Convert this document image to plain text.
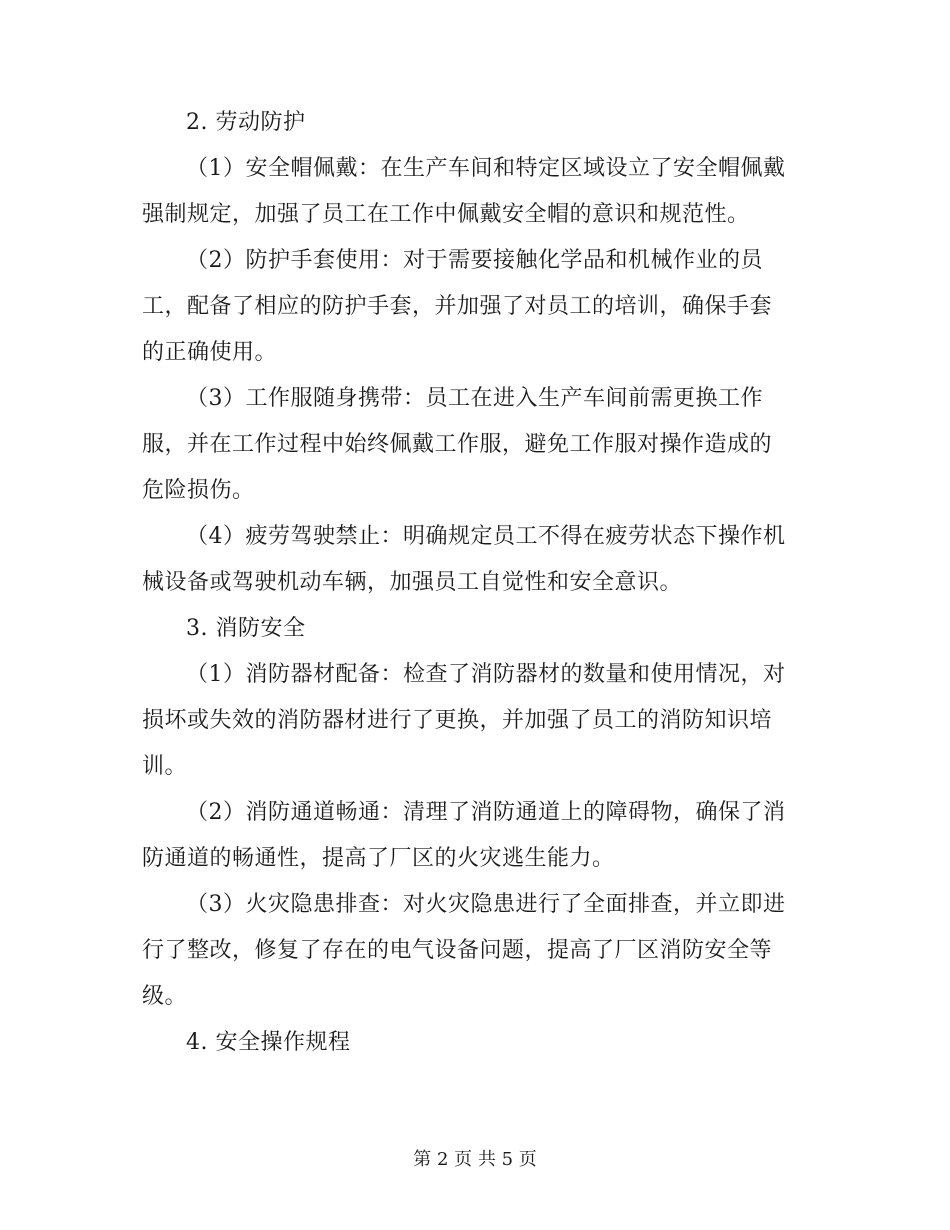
2. 劳动防护
（1）安全帽佩戴：在生产车间和特定区域设立了安全帽佩戴
强制规定，加强了员工在工作中佩戴安全帽的意识和规范性。
（2）防护手套使用：对于需要接触化学品和机械作业的员
工，配备了相应的防护手套，并加强了对员工的培训，确保手套
的正确使用。
（3）工作服随身携带：员工在进入生产车间前需更换工作
服，并在工作过程中始终佩戴工作服，避免工作服对操作造成的
危险损伤。
（4）疲劳驾驶禁止：明确规定员工不得在疲劳状态下操作机
械设备或驾驶机动车辆，加强员工自觉性和安全意识。
3. 消防安全
（1）消防器材配备：检查了消防器材的数量和使用情况，对
损坏或失效的消防器材进行了更换，并加强了员工的消防知识培
训。
（2）消防通道畅通：清理了消防通道上的障碍物，确保了消
防通道的畅通性，提高了厂区的火灾逃生能力。
（3）火灾隐患排查：对火灾隐患进行了全面排查，并立即进
行了整改，修复了存在的电气设备问题，提高了厂区消防安全等
级。
4. 安全操作规程
第 2 页 共 5 页
